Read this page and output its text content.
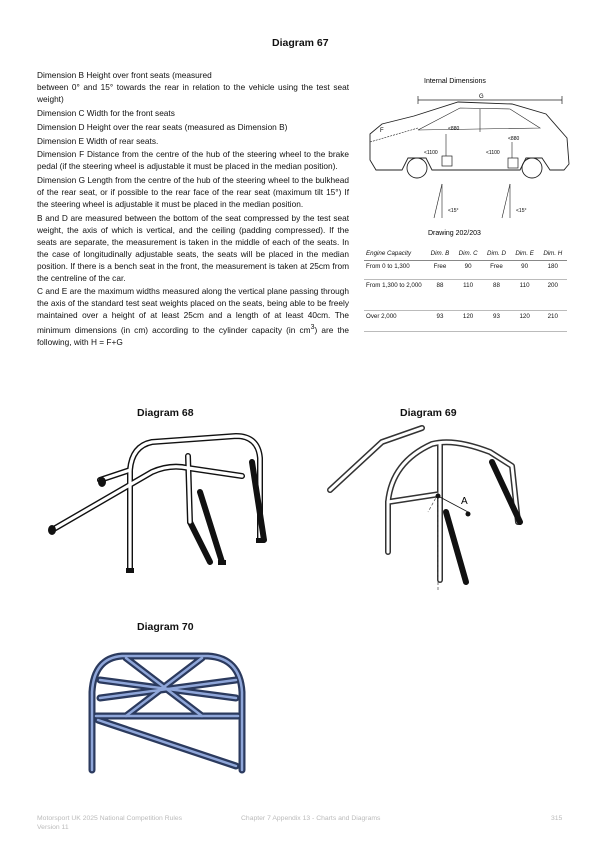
Diagram 67

Dimension B Height over front seats (measured

between 0° and 15° towards the rear in relation to the vehicle using the test seat weight)

Dimension C Width for the front seats

Dimension D Height over the rear seats (measured as Dimension B)

Dimension E Width of rear seats.

Dimension F Distance from the centre of the hub of the steering wheel to the brake pedal (if the steering wheel is adjustable it must be placed in the median position).

Dimension G Length from the centre of the hub of the steering wheel to the bulkhead of the rear seat, or if possible to the rear face of the rear seat (maximum tilt 15°) If the steering wheel is adjustable it must be placed in the median position.

B and D are measured between the bottom of the seat compressed by the test seat weight, the axis of which is vertical, and the ceiling (padding compressed). If the seats are separate, the measurement is taken in the middle of each of the seats. In the case of longitudinally adjustable seats, the seats will be placed in the median position. If there is a bench seat in the front, the measurement is taken at 25cm from the centreline of the car.

C and E are the maximum widths measured along the vertical plane passing through the axis of the standard test seat weights placed on the seats, being able to be freely maintained over a height of at least 25cm and a length of at least 40cm. The minimum dimensions (in cm) according to the cylinder capacity (in $cm^3$) are the following, with H = F+G

Internal Dimensions
G
F	<880
<880
<1100	<1100
<15°	<15°
Drawing 202/203
Engine Capacity	Dim. B	Dim. C	Dim. D	Dim. E	Dim. H
From 0 to 1,300	Free	90	Free	90	180
From 1,300 to 2,000	88	110	88	110	200
Over 2,000	93	120	93	120	210
Diagram 68	Diagram 69
A
Diagram 70
Motorsport UK 2025 National Competition Rules
Version 11
Chapter 7 Appendix 13 - Charts and Diagrams	315
